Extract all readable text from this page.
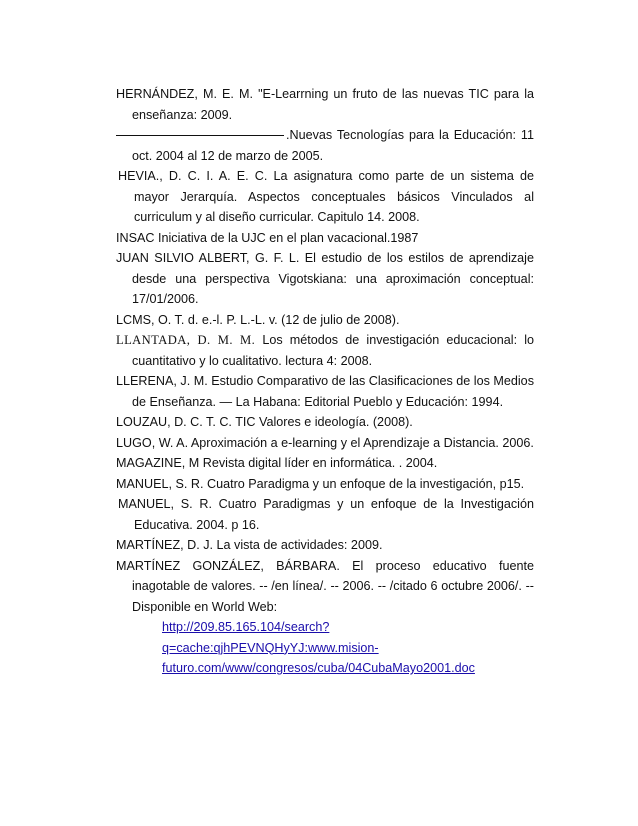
HERNÁNDEZ, M. E. M. "E-Learrning un fruto de las nuevas TIC para la enseñanza: 2009.

.Nuevas Tecnologías para la Educación: 11 oct. 2004 al 12 de marzo de 2005.

HEVIA., D. C. I. A. E. C. La asignatura como parte de un sistema de mayor Jerarquía. Aspectos conceptuales básicos Vinculados al curriculum y al diseño curricular. Capitulo 14. 2008.

INSAC Iniciativa de la UJC en el plan vacacional.1987

JUAN SILVIO ALBERT, G. F. L. El estudio de los estilos de aprendizaje desde una perspectiva Vigotskiana: una aproximación conceptual: 17/01/2006.

LCMS, O. T. d. e.-l. P. L.-L. v. (12 de julio de 2008).

LLANTADA, D. M. M. Los métodos de investigación educacional: lo cuantitativo y lo cualitativo. lectura 4: 2008.

LLERENA, J. M. Estudio Comparativo de las Clasificaciones de los Medios de Enseñanza. — La Habana: Editorial Pueblo y Educación: 1994.

LOUZAU, D. C. T. C. TIC Valores e ideología. (2008).

LUGO, W. A. Aproximación a e-learning y el Aprendizaje a Distancia. 2006.

MAGAZINE, M Revista digital líder en informática. . 2004.

MANUEL, S. R. Cuatro Paradigma y un enfoque de la investigación, p15.

MANUEL, S. R. Cuatro Paradigmas y un enfoque de la Investigación Educativa. 2004. p 16.

MARTÍNEZ, D. J. La vista de actividades: 2009.

MARTÍNEZ GONZÁLEZ, BÁRBARA. El proceso educativo fuente inagotable de valores. -- /en línea/. -- 2006. -- /citado 6 octubre 2006/. -- Disponible en World Web:
http://209.85.165.104/search?q=cache:qjhPEVNQHyYJ:www.mision-
futuro.com/www/congresos/cuba/04CubaMayo2001.doc
